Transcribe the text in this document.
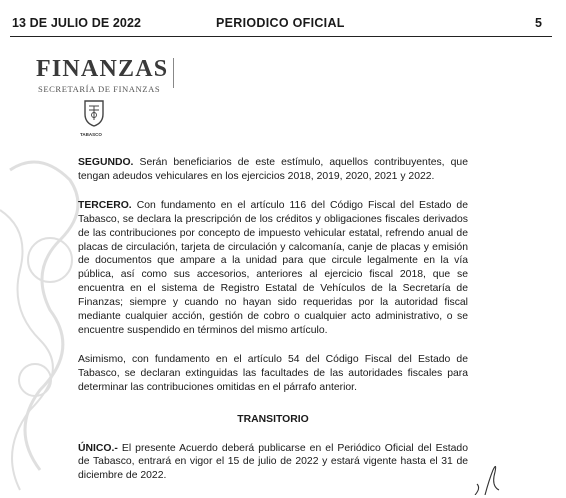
13 DE JULIO DE 2022	PERIODICO OFICIAL	5
FINANZAS
SECRETARÍA DE FINANZAS
TABASCO

SEGUNDO. Serán beneficiarios de este estímulo, aquellos contribuyentes, que tengan adeudos vehiculares en los ejercicios 2018, 2019, 2020, 2021 y 2022.

TERCERO. Con fundamento en el artículo 116 del Código Fiscal del Estado de Tabasco, se declara la prescripción de los créditos y obligaciones fiscales derivados de las contribuciones por concepto de impuesto vehicular estatal, refrendo anual de placas de circulación, tarjeta de circulación y calcomanía, canje de placas y emisión de documentos que ampare a la unidad para que circule legalmente en la vía pública, así como sus accesorios, anteriores al ejercicio fiscal 2018, que se encuentra en el sistema de Registro Estatal de Vehículos de la Secretaría de Finanzas; siempre y cuando no hayan sido requeridas por la autoridad fiscal mediante cualquier acción, gestión de cobro o cualquier acto administrativo, o se encuentre suspendido en términos del mismo artículo.

Asimismo, con fundamento en el artículo 54 del Código Fiscal del Estado de Tabasco, se declaran extinguidas las facultades de las autoridades fiscales para determinar las contribuciones omitidas en el párrafo anterior.

TRANSITORIO

ÚNICO.- El presente Acuerdo deberá publicarse en el Periódico Oficial del Estado de Tabasco, entrará en vigor el 15 de julio de 2022 y estará vigente hasta el 31 de diciembre de 2022.
